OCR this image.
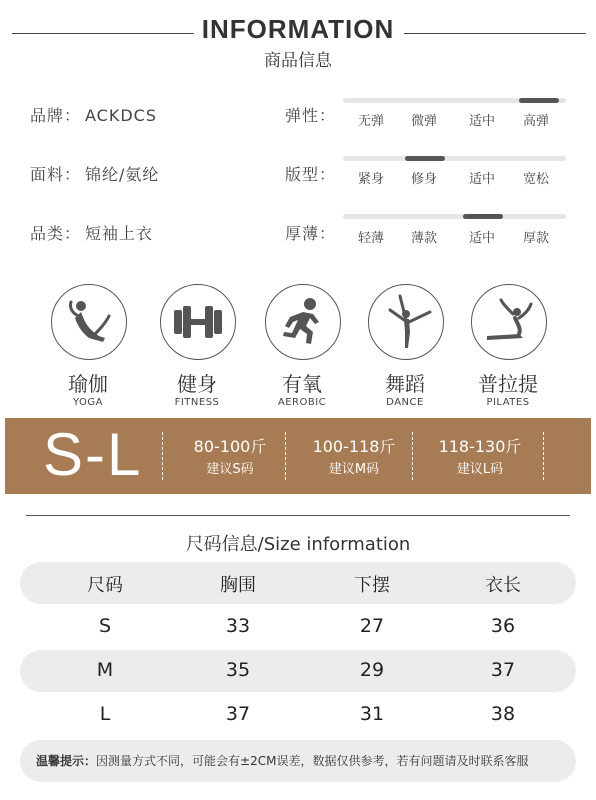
INFORMATION
商品信息
品牌： ACKDCS
面料： 锦纶/氨纶
品类： 短袖上衣
弹性： 无弹 微弹 适中 高弹
版型： 紧身 修身 适中 宽松
厚薄： 轻薄 薄款 适中 厚款
瑜伽
YOGA
健身
FITNESS
有氧
AEROBIC
舞蹈
DANCE
普拉提
PILATES
S-L	80-100斤
建议S码
100-118斤
建议M码
118-130斤
建议L码
尺码信息/Size information
尺码	胸围	下摆	衣长
S	33	27	36
M	35	29	37
L	37	31	38
温馨提示：因测量方式不同，可能会有±2CM误差，数据仅供参考，若有问题请及时联系客服
